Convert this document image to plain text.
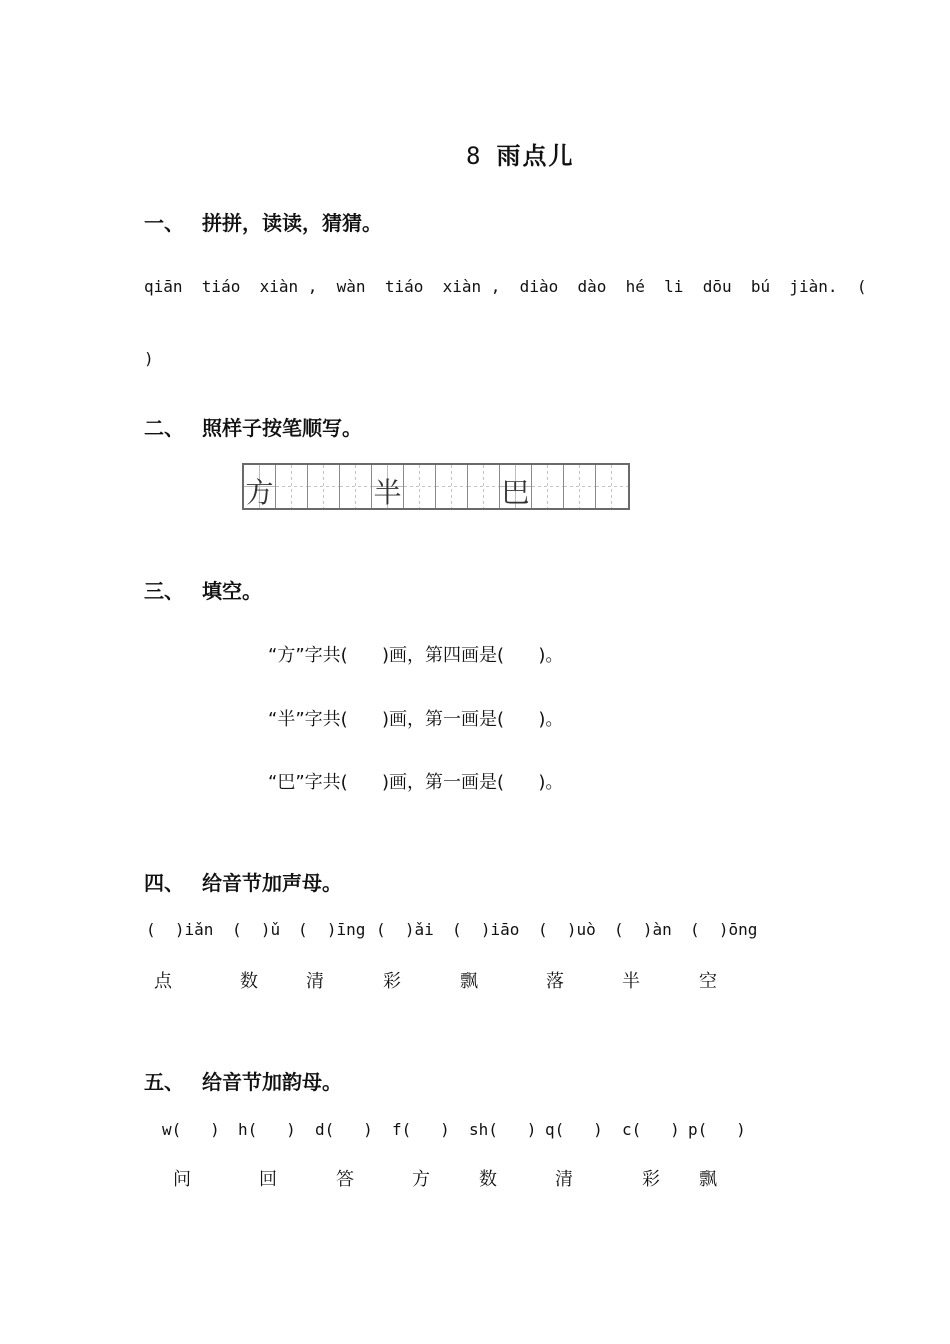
8 雨点儿
一、 拼拼，读读，猜猜。
qiān  tiáo  xiàn ,  wàn  tiáo  xiàn ,  diào  dào  hé  li  dōu  bú  jiàn.  (
)
二、 照样子按笔顺写。
方	半	巴
三、 填空。
“方”字共(      )画，第四画是(      )。
“半”字共(      )画，第一画是(      )。
“巴”字共(      )画，第一画是(      )。
四、 给音节加声母。
(  )iǎn (  )ǔ (  )īng (  )ǎi (  )iāo (  )uò (  )àn (  )ōng
点	数	清	彩	飘	落	半	空
五、 给音节加韵母。
w(   ) h(   ) d(   ) f(   ) sh(   ) q(   ) c(   ) p(   )
问	回	答	方	数	清	彩 飘
